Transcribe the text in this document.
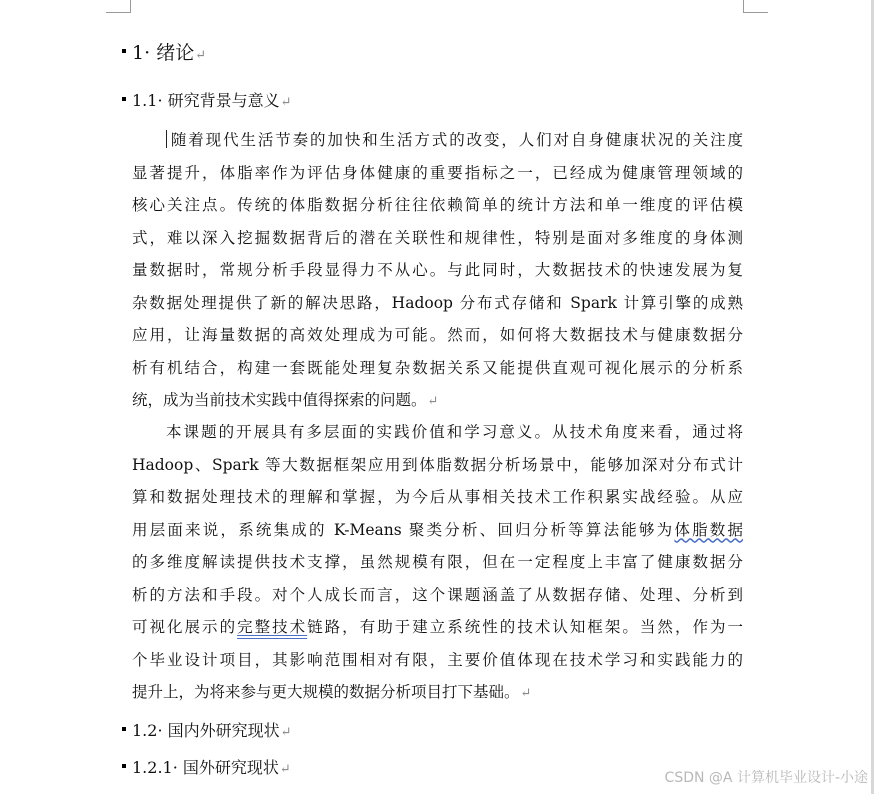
1· 绪论↵
1.1· 研究背景与意义↵
随着现代生活节奏的加快和生活方式的改变，人们对自身健康状况的关注度
显著提升，体脂率作为评估身体健康的重要指标之一，已经成为健康管理领域的
核心关注点。传统的体脂数据分析往往依赖简单的统计方法和单一维度的评估模
式，难以深入挖掘数据背后的潜在关联性和规律性，特别是面对多维度的身体测
量数据时，常规分析手段显得力不从心。与此同时，大数据技术的快速发展为复
杂数据处理提供了新的解决思路，Hadoop 分布式存储和 Spark 计算引擎的成熟
应用，让海量数据的高效处理成为可能。然而，如何将大数据技术与健康数据分
析有机结合，构建一套既能处理复杂数据关系又能提供直观可视化展示的分析系
统，成为当前技术实践中值得探索的问题。↵
本课题的开展具有多层面的实践价值和学习意义。从技术角度来看，通过将
Hadoop、Spark 等大数据框架应用到体脂数据分析场景中，能够加深对分布式计
算和数据处理技术的理解和掌握，为今后从事相关技术工作积累实战经验。从应
用层面来说，系统集成的 K-Means 聚类分析、回归分析等算法能够为体脂数据
的多维度解读提供技术支撑，虽然规模有限，但在一定程度上丰富了健康数据分
析的方法和手段。对个人成长而言，这个课题涵盖了从数据存储、处理、分析到
可视化展示的完整技术链路，有助于建立系统性的技术认知框架。当然，作为一
个毕业设计项目，其影响范围相对有限，主要价值体现在技术学习和实践能力的
提升上，为将来参与更大规模的数据分析项目打下基础。↵
1.2· 国内外研究现状↵
1.2.1· 国外研究现状↵
CSDN @A 计算机毕业设计-小途
